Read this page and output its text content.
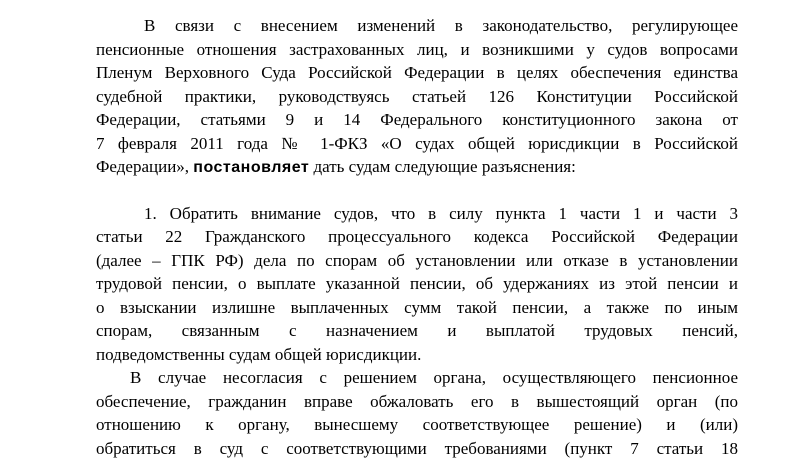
В связи с внесением изменений в законодательство, регулирующее
пенсионные отношения застрахованных лиц, и возникшими у судов вопросами
Пленум Верховного Суда Российской Федерации в целях обеспечения единства
судебной практики, руководствуясь статьей 126 Конституции Российской
Федерации, статьями 9 и 14 Федерального конституционного закона от
7 февраля 2011 года № 1-ФКЗ «О судах общей юрисдикции в Российской
Федерации», постановляет дать судам следующие разъяснения:
1. Обратить внимание судов, что в силу пункта 1 части 1 и части 3
статьи 22 Гражданского процессуального кодекса Российской Федерации
(далее – ГПК РФ) дела по спорам об установлении или отказе в установлении
трудовой пенсии, о выплате указанной пенсии, об удержаниях из этой пенсии и
о взыскании излишне выплаченных сумм такой пенсии, а также по иным
спорам, связанным с назначением и выплатой трудовых пенсий,
подведомственны судам общей юрисдикции.
В случае несогласия с решением органа, осуществляющего пенсионное
обеспечение, гражданин вправе обжаловать его в вышестоящий орган (по
отношению к органу, вынесшему соответствующее решение) и (или)
обратиться в суд с соответствующими требованиями (пункт 7 статьи 18
